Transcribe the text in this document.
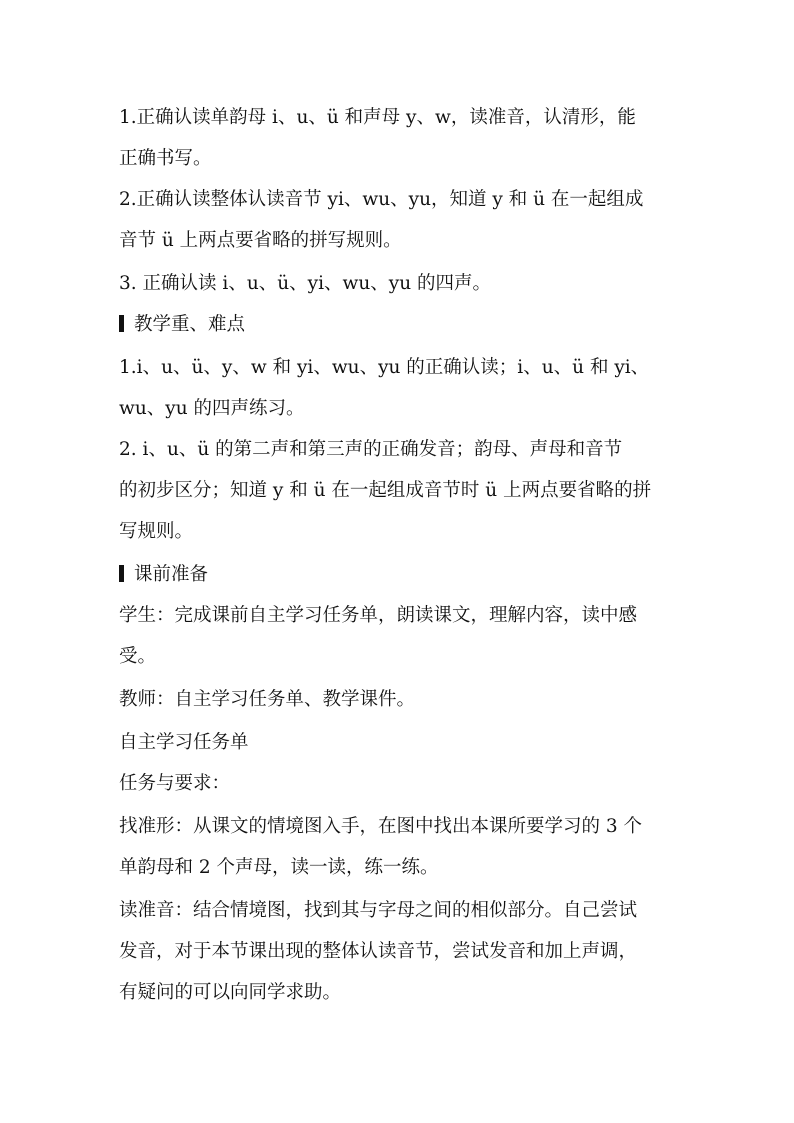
1.正确认读单韵母 i、u、ü 和声母 y、w，读准音，认清形，能
正确书写。
2.正确认读整体认读音节 yi、wu、yu，知道 y 和 ü 在一起组成
音节 ü 上两点要省略的拼写规则。
3. 正确认读 i、u、ü、yi、wu、yu 的四声。
教学重、难点
1.i、u、ü、y、w 和 yi、wu、yu 的正确认读；i、u、ü 和 yi、
wu、yu 的四声练习。
2. i、u、ü 的第二声和第三声的正确发音；韵母、声母和音节
的初步区分；知道 y 和 ü 在一起组成音节时 ü 上两点要省略的拼
写规则。
课前准备
学生：完成课前自主学习任务单，朗读课文，理解内容，读中感
受。
教师：自主学习任务单、教学课件。
自主学习任务单
任务与要求：
找准形：从课文的情境图入手，在图中找出本课所要学习的 3 个
单韵母和 2 个声母，读一读，练一练。
读准音：结合情境图，找到其与字母之间的相似部分。自己尝试
发音，对于本节课出现的整体认读音节，尝试发音和加上声调，
有疑问的可以向同学求助。
